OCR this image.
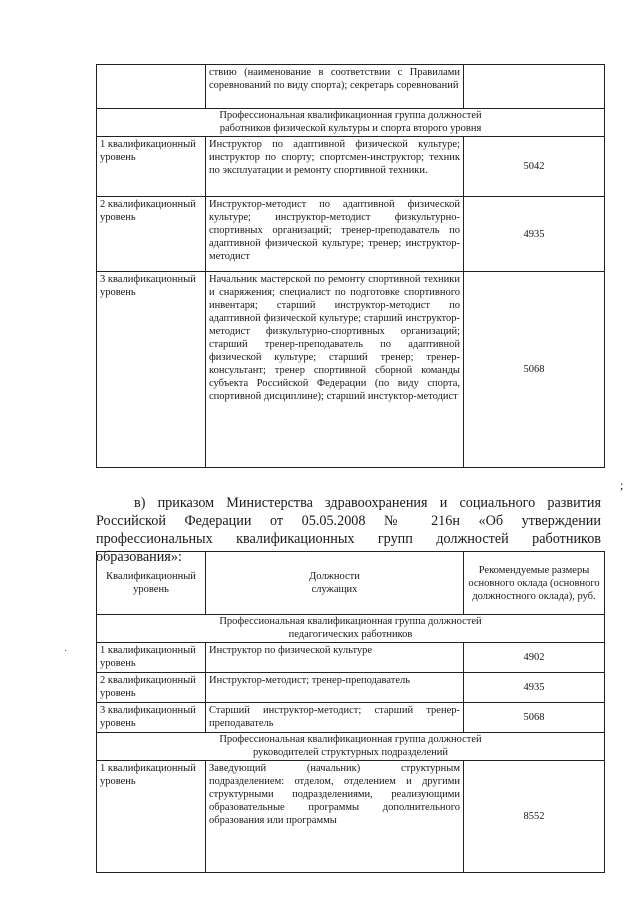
	ствию (наименование в соответствии с Правилами соревнований по виду спорта); секретарь соревнований	
Профессиональная квалификационная группа должностей работников физической культуры и спорта второго уровня		
1 квалификационный уровень	Инструктор по адаптивной физической культуре; инструктор по спорту; спортсмен-инструктор; техник по эксплуатации и ремонту спортивной техники.	5042
2 квалификационный уровень	Инструктор-методист по адаптивной физической культуре; инструктор-методист физкультурно-спортивных организаций; тренер-преподаватель по адаптивной физической культуре; тренер; инструктор-методист	4935
3 квалификационный уровень	Начальник мастерской по ремонту спортивной техники и снаряжения; специалист по подготовке спортивного инвентаря; старший инструктор-методист по адаптивной физической культуре; старший инструктор-методист физкультурно-спортивных организаций; старший тренер-преподаватель по адаптивной физической культуре; старший тренер; тренер-консультант; тренер спортивной сборной команды субъекта Российской Федерации (по виду спорта, спортивной дисциплине); старший инстуктор-методист	5068
;
в) приказом Министерства здравоохранения и социального развития Российской Федерации от 05.05.2008 № 216н «Об утверждении профессиональных квалификационных групп должностей работников образования»:
·
Квалификационный уровень	Должности служащих	Рекомендуемые размеры основного оклада (основного должностного оклада), руб.
Профессиональная квалификационная группа должностей педагогических работников		
1 квалификационный уровень	Инструктор по физической культуре	4902
2 квалификационный уровень	Инструктор-методист; тренер-преподаватель	4935
3 квалификационный уровень	Старший инструктор-методист; старший тренер-преподаватель	5068
Профессиональная квалификационная группа должностей руководителей структурных подразделений		
1 квалификационный уровень	Заведующий (начальник) структурным подразделением: отделом, отделением и другими структурными подразделениями, реализующими образовательные программы дополнительного образования или программы	8552
